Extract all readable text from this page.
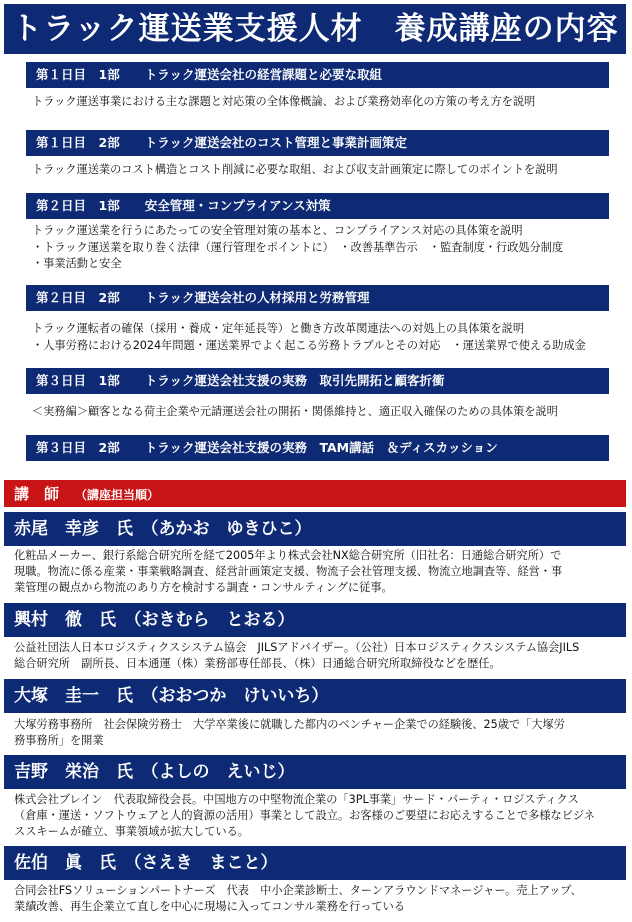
トラック運送業支援人材　養成講座の内容
第１日目　1部　　トラック運送会社の経営課題と必要な取組
トラック運送事業における主な課題と対応策の全体像概論、および業務効率化の方策の考え方を説明
第１日目　2部　　トラック運送会社のコスト管理と事業計画策定
トラック運送業のコスト構造とコスト削減に必要な取組、および収支計画策定に際してのポイントを説明
第２日目　1部　　安全管理・コンプライアンス対策
トラック運送業を行うにあたっての安全管理対策の基本と、コンプライアンス対応の具体策を説明
・トラック運送業を取り巻く法律（運行管理をポイントに）　・改善基準告示　・監査制度・行政処分制度
・事業活動と安全
第２日目　2部　　トラック運送会社の人材採用と労務管理
トラック運転者の確保（採用・養成・定年延長等）と働き方改革関連法への対処上の具体策を説明
・人事労務における2024年問題・運送業界でよく起こる労務トラブルとその対応　・運送業界で使える助成金
第３日目　1部　　トラック運送会社支援の実務　取引先開拓と顧客折衝
＜実務編＞顧客となる荷主企業や元請運送会社の開拓・関係維持と、適正収入確保のための具体策を説明
第３日目　2部　　トラック運送会社支援の実務　TAM講話　＆ディスカッション
講　師 （講座担当順）
赤尾　幸彦　氏　（あかお　ゆきひこ）
化粧品メーカー、銀行系総合研究所を経て2005年より株式会社NX総合研究所（旧社名：日通総合研究所）で
現職。物流に係る産業・事業戦略調査、経営計画策定支援、物流子会社管理支援、物流立地調査等、経営・事
業管理の観点から物流のあり方を検討する調査・コンサルティングに従事。
興村　徹　氏　（おきむら　とおる）
公益社団法人日本ロジスティクスシステム協会　JILSアドバイザー。（公社）日本ロジスティクスシステム協会JILS
総合研究所　副所長、日本通運（株）業務部専任部長、（株）日通総合研究所取締役などを歴任。
大塚　圭一　氏　（おおつか　けいいち）
大塚労務事務所　社会保険労務士　大学卒業後に就職した都内のベンチャー企業での経験後、25歳で「大塚労
務事務所」を開業
吉野　栄治　氏　（よしの　えいじ）
株式会社ブレイン　代表取締役会長。中国地方の中堅物流企業の「3PL事業」サード・パーティ・ロジスティクス
（倉庫・運送・ソフトウェアと人的資源の活用）事業として設立。お客様のご要望にお応えすることで多様なビジネ
ススキームが確立、事業領域が拡大している。
佐伯　眞　氏　（さえき　まこと）
合同会社FSソリューションパートナーズ　代表　中小企業診断士、ターンアラウンドマネージャー。売上アップ、
業績改善、再生企業立て直しを中心に現場に入ってコンサル業務を行っている
